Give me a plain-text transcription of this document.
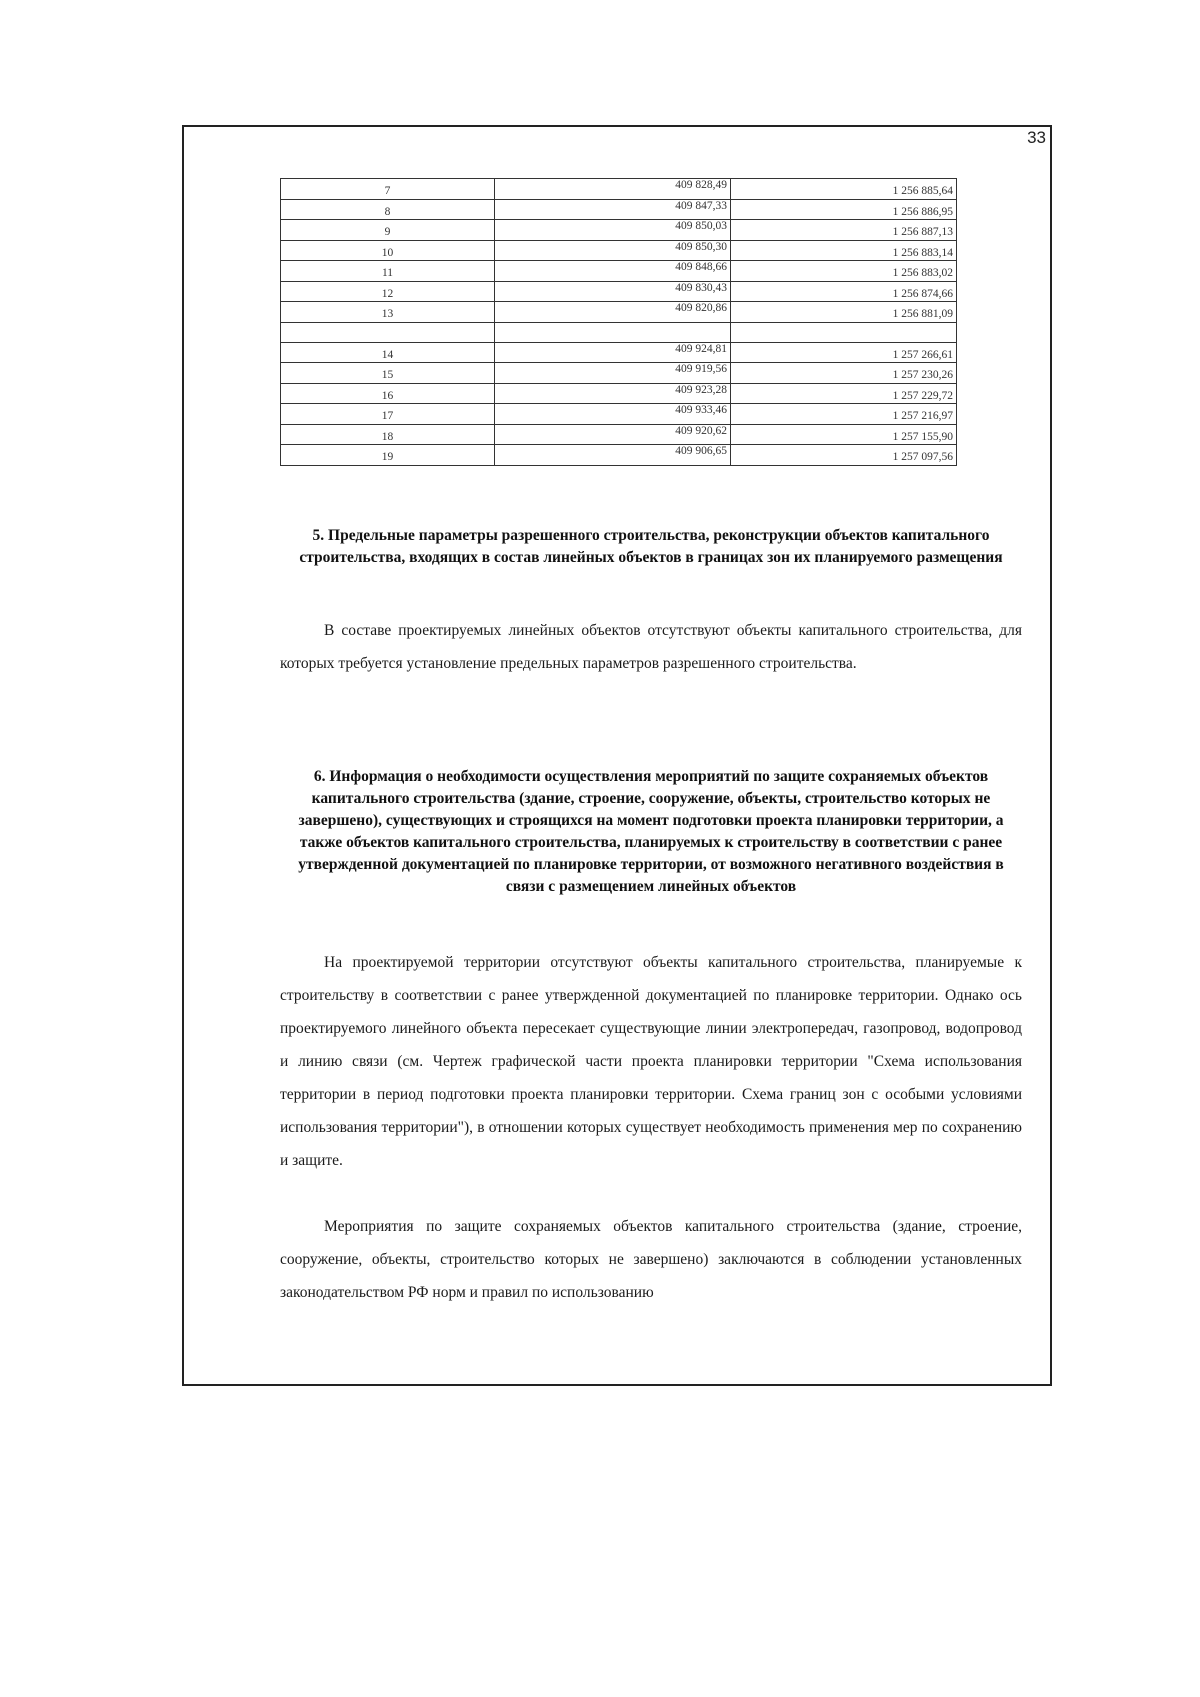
33
7	409 828,49	1 256 885,64
8	409 847,33	1 256 886,95
9	409 850,03	1 256 887,13
10	409 850,30	1 256 883,14
11	409 848,66	1 256 883,02
12	409 830,43	1 256 874,66
13	409 820,86	1 256 881,09

14	409 924,81	1 257 266,61
15	409 919,56	1 257 230,26
16	409 923,28	1 257 229,72
17	409 933,46	1 257 216,97
18	409 920,62	1 257 155,90
19	409 906,65	1 257 097,56
5. Предельные параметры разрешенного строительства, реконструкции объектов капитального строительства, входящих в состав линейных объектов в границах зон их планируемого размещения

В составе проектируемых линейных объектов отсутствуют объекты капитального строительства, для которых требуется установление предельных параметров разрешенного строительства.

6. Информация о необходимости осуществления мероприятий по защите сохраняемых объектов капитального строительства (здание, строение, сооружение, объекты, строительство которых не завершено), существующих и строящихся на момент подготовки проекта планировки территории, а также объектов капитального строительства, планируемых к строительству в соответствии с ранее утвержденной документацией по планировке территории, от возможного негативного воздействия в связи с размещением линейных объектов

На проектируемой территории отсутствуют объекты капитального строительства, планируемые к строительству в соответствии с ранее утвержденной документацией по планировке территории. Однако ось проектируемого линейного объекта пересекает существующие линии электропередач, газопровод, водопровод и линию связи (см. Чертеж графической части проекта планировки территории "Схема использования территории в период подготовки проекта планировки территории. Схема границ зон с особыми условиями использования территории"), в отношении которых существует необходимость применения мер по сохранению и защите.

Мероприятия по защите сохраняемых объектов капитального строительства (здание, строение, сооружение, объекты, строительство которых не завершено) заключаются в соблюдении установленных законодательством РФ норм и правил по использованию
